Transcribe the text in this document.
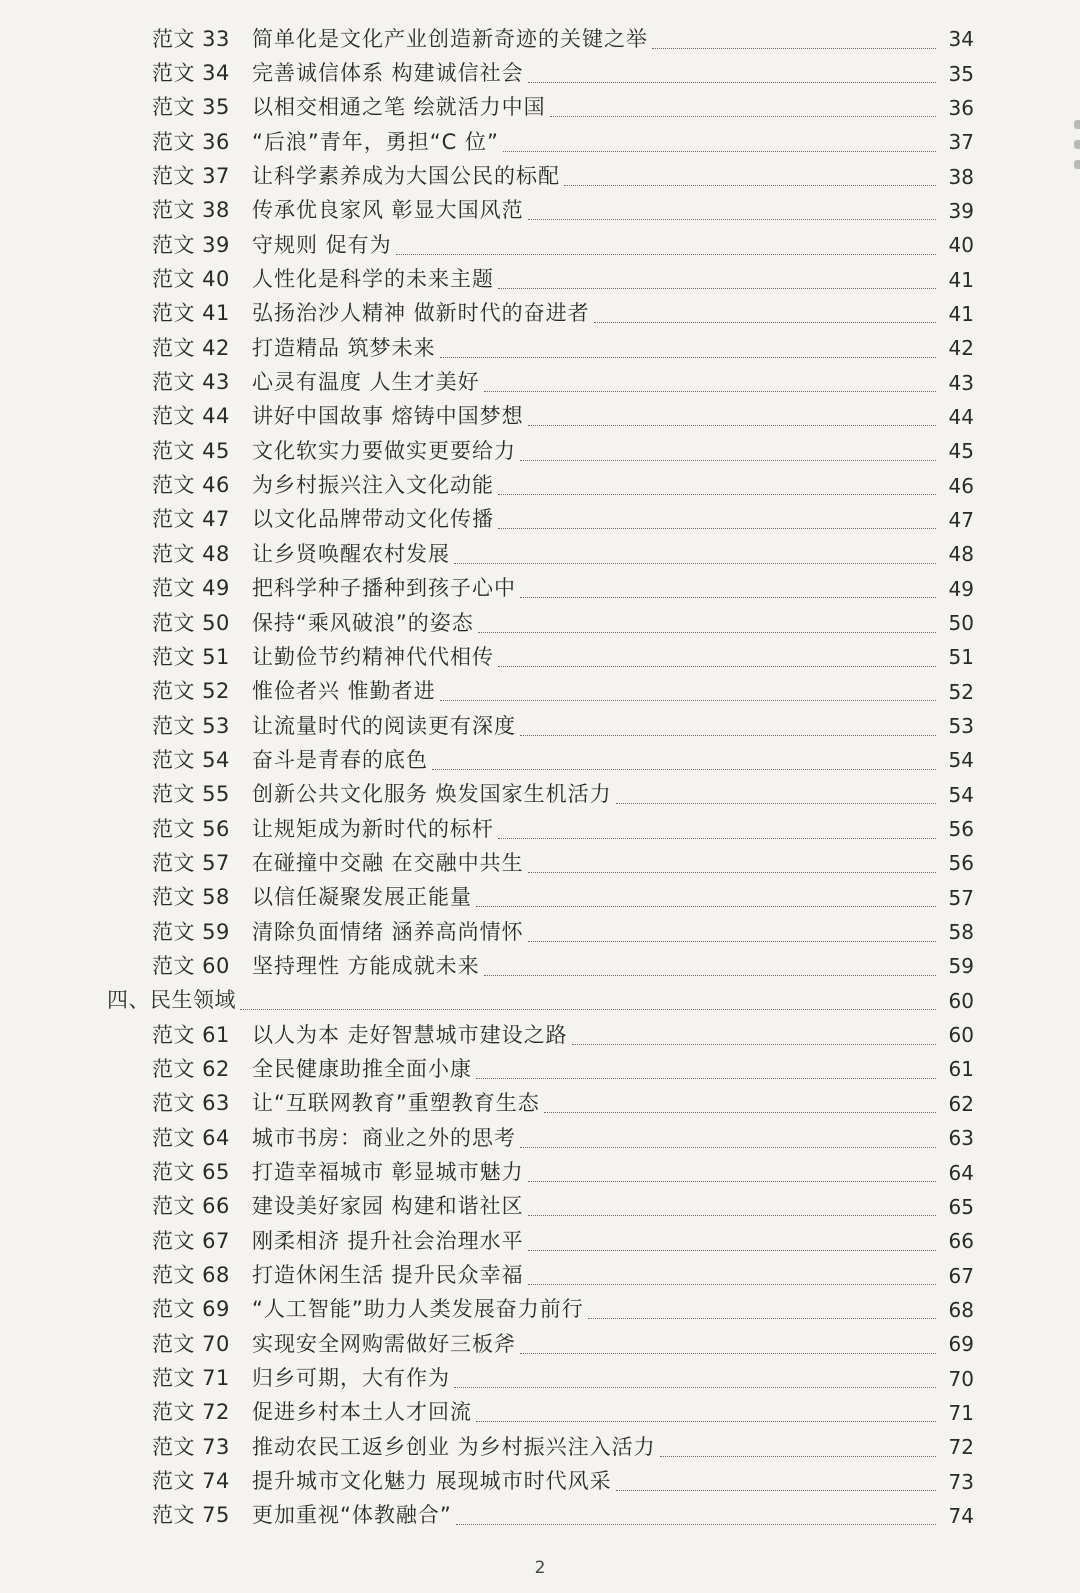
范文 33	简单化是文化产业创造新奇迹的关键之举	34
范文 34	完善诚信体系 构建诚信社会	35
范文 35	以相交相通之笔 绘就活力中国	36
范文 36	“后浪”青年，勇担“C 位”	37
范文 37	让科学素养成为大国公民的标配	38
范文 38	传承优良家风 彰显大国风范	39
范文 39	守规则 促有为	40
范文 40	人性化是科学的未来主题	41
范文 41	弘扬治沙人精神 做新时代的奋进者	41
范文 42	打造精品 筑梦未来	42
范文 43	心灵有温度 人生才美好	43
范文 44	讲好中国故事 熔铸中国梦想	44
范文 45	文化软实力要做实更要给力	45
范文 46	为乡村振兴注入文化动能	46
范文 47	以文化品牌带动文化传播	47
范文 48	让乡贤唤醒农村发展	48
范文 49	把科学种子播种到孩子心中	49
范文 50	保持“乘风破浪”的姿态	50
范文 51	让勤俭节约精神代代相传	51
范文 52	惟俭者兴 惟勤者进	52
范文 53	让流量时代的阅读更有深度	53
范文 54	奋斗是青春的底色	54
范文 55	创新公共文化服务 焕发国家生机活力	54
范文 56	让规矩成为新时代的标杆	56
范文 57	在碰撞中交融 在交融中共生	56
范文 58	以信任凝聚发展正能量	57
范文 59	清除负面情绪 涵养高尚情怀	58
范文 60	坚持理性 方能成就未来	59
四、民生领域	60
范文 61	以人为本 走好智慧城市建设之路	60
范文 62	全民健康助推全面小康	61
范文 63	让“互联网教育”重塑教育生态	62
范文 64	城市书房：商业之外的思考	63
范文 65	打造幸福城市 彰显城市魅力	64
范文 66	建设美好家园 构建和谐社区	65
范文 67	刚柔相济 提升社会治理水平	66
范文 68	打造休闲生活 提升民众幸福	67
范文 69	“人工智能”助力人类发展奋力前行	68
范文 70	实现安全网购需做好三板斧	69
范文 71	归乡可期，大有作为	70
范文 72	促进乡村本土人才回流	71
范文 73	推动农民工返乡创业 为乡村振兴注入活力	72
范文 74	提升城市文化魅力 展现城市时代风采	73
范文 75	更加重视“体教融合”	74
2
